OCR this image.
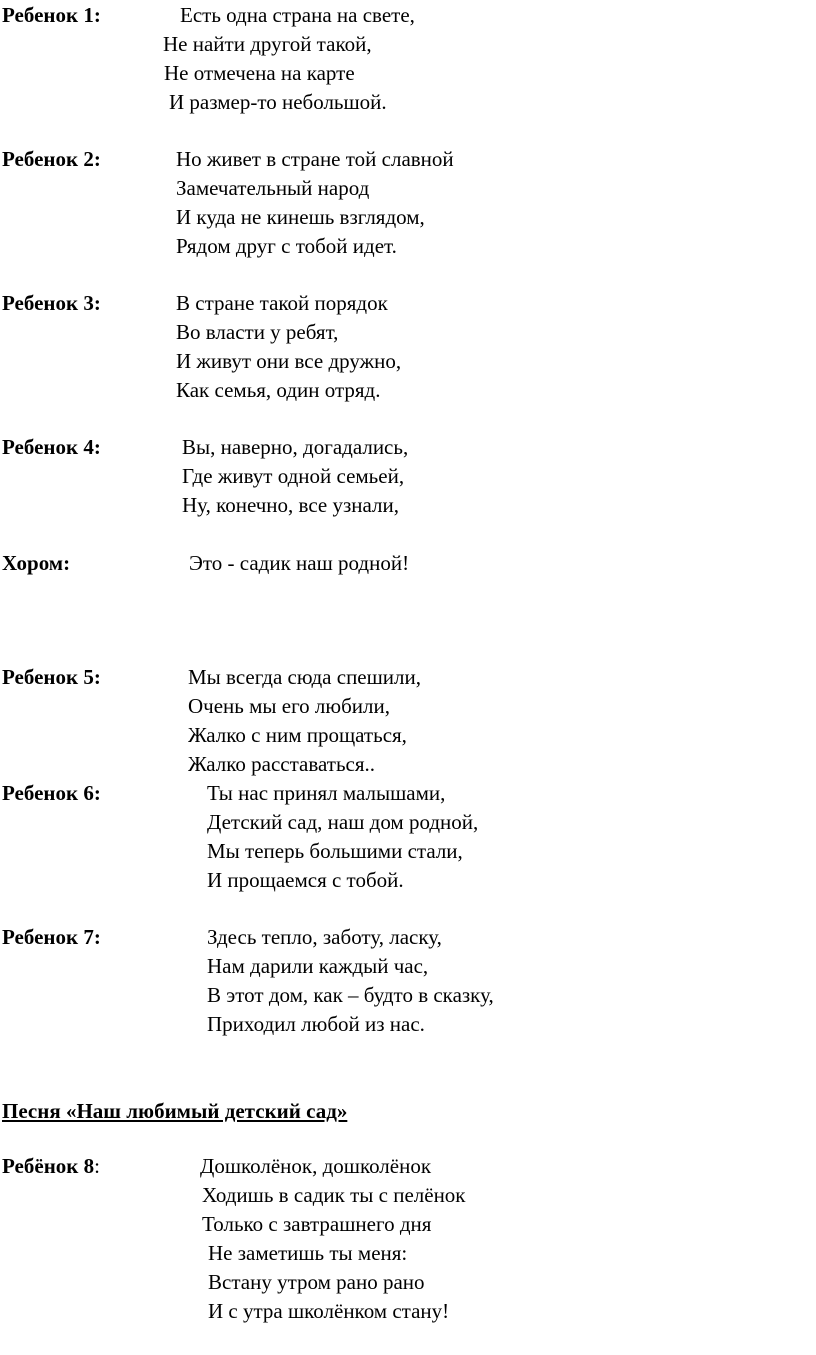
Ребенок 1:	Есть одна страна на свете,
Не найти другой такой,
Не отмечена на карте
И размер-то небольшой.
Ребенок 2:	Но живет в стране той славной
Замечательный народ
И куда не кинешь взглядом,
Рядом друг с тобой идет.
Ребенок 3:	В стране такой порядок
Во власти у ребят,
И живут они все дружно,
Как семья, один отряд.
Ребенок 4:	Вы, наверно, догадались,
Где живут одной семьей,
Ну, конечно, все узнали,
Хором:	Это - садик наш родной!
Ребенок 5:	Мы всегда сюда спешили,
Очень мы его любили,
Жалко с ним прощаться,
Жалко расставаться..
Ребенок 6:	Ты нас принял малышами,
Детский сад, наш дом родной,
Мы теперь большими стали,
И прощаемся с тобой.
Ребенок 7:	Здесь тепло, заботу, ласку,
Нам дарили каждый час,
В этот дом, как – будто в сказку,
Приходил любой из нас.
Песня «Наш любимый детский сад»
Ребёнок 8:	Дошколёнок, дошколёнок
Ходишь в садик ты с пелёнок
Только с завтрашнего дня
Не заметишь ты меня:
Встану утром рано рано
И с утра школёнком стану!
